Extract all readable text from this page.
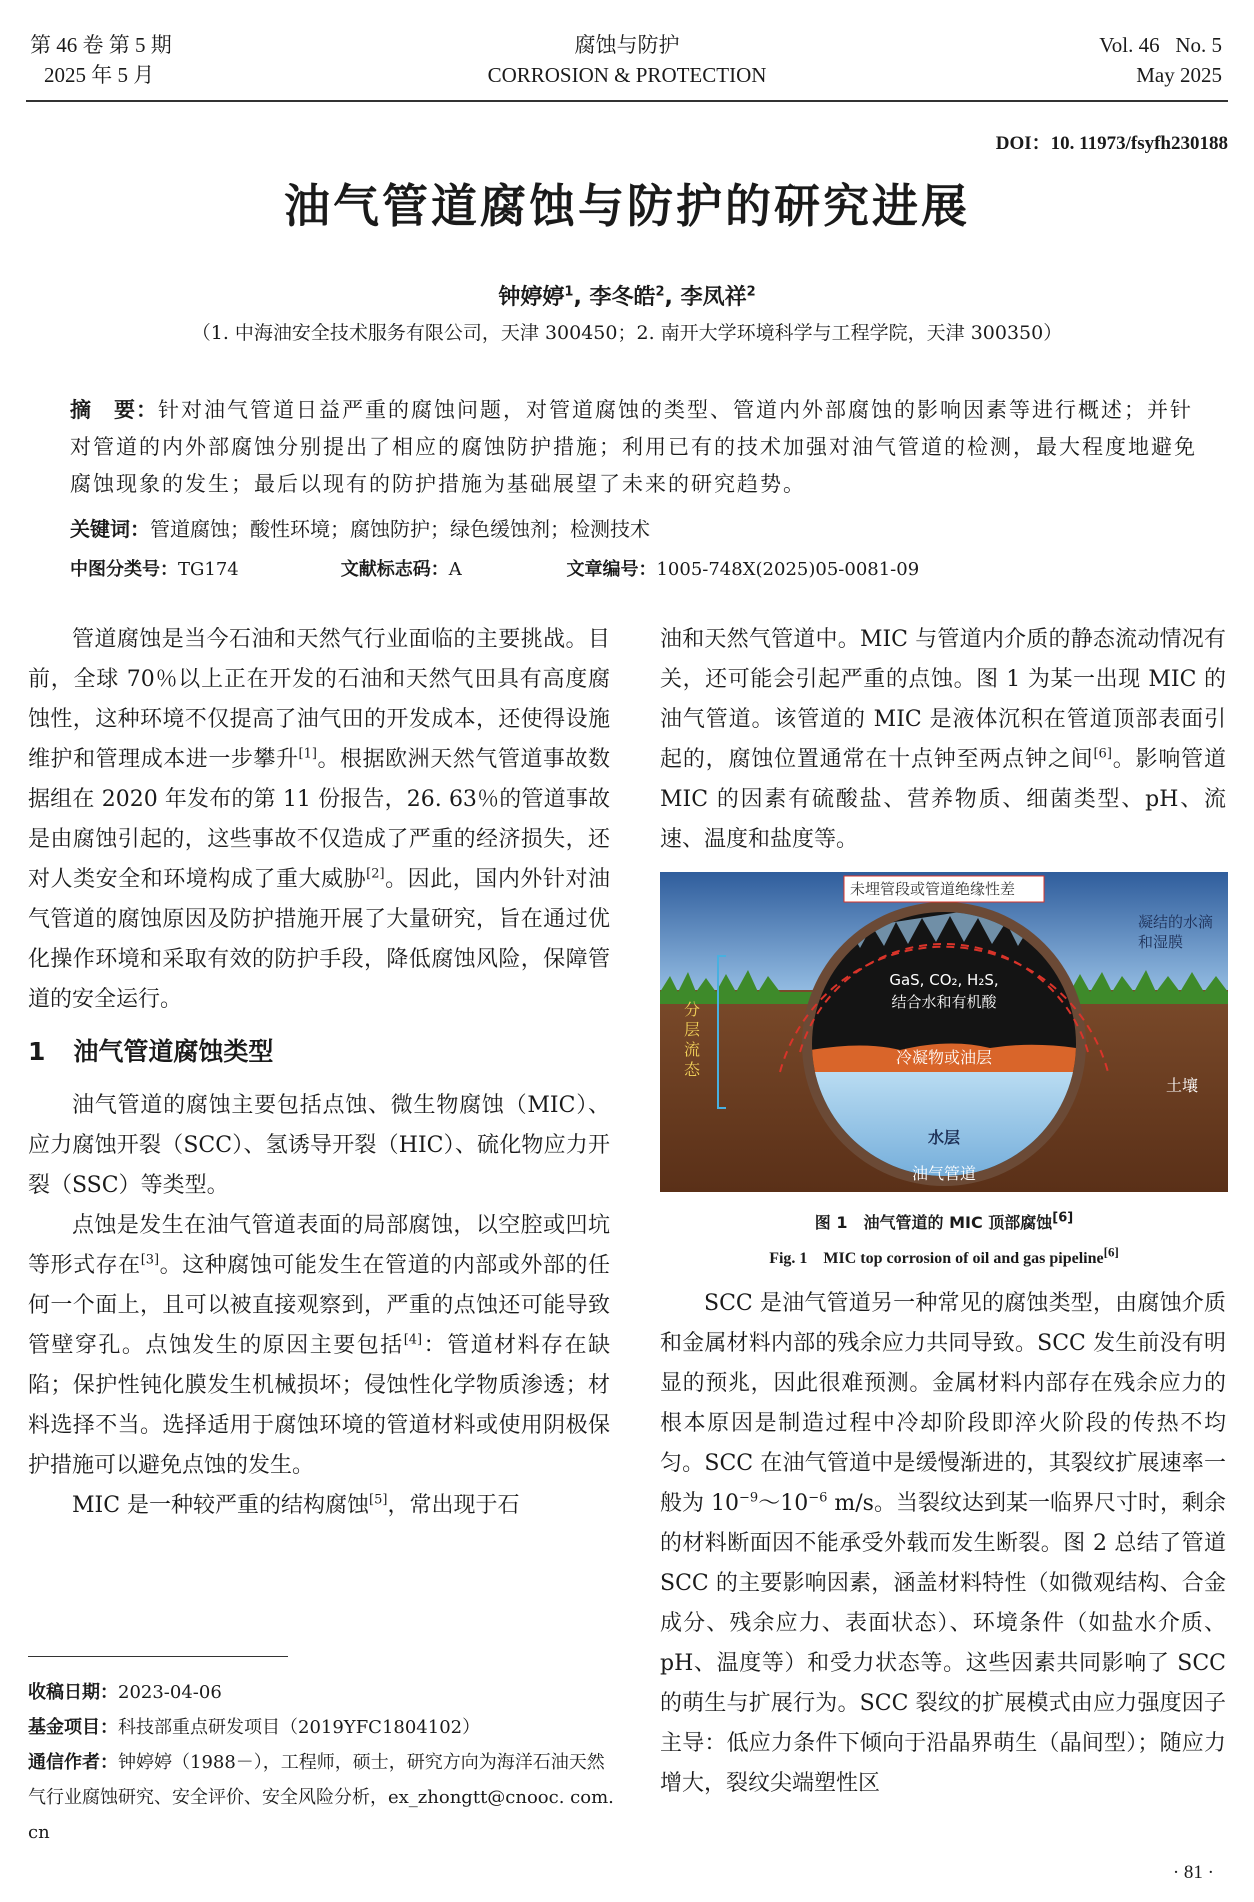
第 46 卷 第 5 期
2025 年 5 月
腐蚀与防护
CORROSION & PROTECTION
Vol. 46   No. 5
May 2025
DOI：10. 11973/fsyfh230188
油气管道腐蚀与防护的研究进展
钟婷婷$^1$, 李冬皓$^2$, 李凤祥$^2$
（1. 中海油安全技术服务有限公司，天津 300450；2. 南开大学环境科学与工程学院，天津 300350）
摘　要：针对油气管道日益严重的腐蚀问题，对管道腐蚀的类型、管道内外部腐蚀的影响因素等进行概述；并针对管道的内外部腐蚀分别提出了相应的腐蚀防护措施；利用已有的技术加强对油气管道的检测，最大程度地避免腐蚀现象的发生；最后以现有的防护措施为基础展望了未来的研究趋势。
关键词：管道腐蚀；酸性环境；腐蚀防护；绿色缓蚀剂；检测技术
中图分类号：TG174	文献标志码：A	文章编号：1005-748X(2025)05-0081-09

管道腐蚀是当今石油和天然气行业面临的主要挑战。目前，全球 70％以上正在开发的石油和天然气田具有高度腐蚀性，这种环境不仅提高了油气田的开发成本，还使得设施维护和管理成本进一步攀升[1]。根据欧洲天然气管道事故数据组在 2020 年发布的第 11 份报告，26. 63％的管道事故是由腐蚀引起的，这些事故不仅造成了严重的经济损失，还对人类安全和环境构成了重大威胁[2]。因此，国内外针对油气管道的腐蚀原因及防护措施开展了大量研究，旨在通过优化操作环境和采取有效的防护手段，降低腐蚀风险，保障管道的安全运行。

1 油气管道腐蚀类型

油气管道的腐蚀主要包括点蚀、微生物腐蚀（MIC）、应力腐蚀开裂（SCC）、氢诱导开裂（HIC）、硫化物应力开裂（SSC）等类型。

点蚀是发生在油气管道表面的局部腐蚀，以空腔或凹坑等形式存在[3]。这种腐蚀可能发生在管道的内部或外部的任何一个面上，且可以被直接观察到，严重的点蚀还可能导致管壁穿孔。点蚀发生的原因主要包括[4]：管道材料存在缺陷；保护性钝化膜发生机械损坏；侵蚀性化学物质渗透；材料选择不当。选择适用于腐蚀环境的管道材料或使用阴极保护措施可以避免点蚀的发生。

MIC 是一种较严重的结构腐蚀[5]，常出现于石

收稿日期：2023-04-06
基金项目：科技部重点研发项目（2019YFC1804102）
通信作者：钟婷婷（1988－），工程师，硕士，研究方向为海洋石油天然气行业腐蚀研究、安全评价、安全风险分析，ex_zhongtt@cnooc. com. cn

油和天然气管道中。MIC 与管道内介质的静态流动情况有关，还可能会引起严重的点蚀。图 1 为某一出现 MIC 的油气管道。该管道的 MIC 是液体沉积在管道顶部表面引起的，腐蚀位置通常在十点钟至两点钟之间[6]。影响管道 MIC 的因素有硫酸盐、营养物质、细菌类型、pH、流速、温度和盐度等。

未埋管段或管道绝缘性差
凝结的水滴和湿膜
GaS, CO₂, H₂S,
结合水和有机酸
冷凝物或油层
水层
油气管道
土壤
分层流态
图 1　油气管道的 MIC 顶部腐蚀[6]
Fig. 1　MIC top corrosion of oil and gas pipeline[6]

SCC 是油气管道另一种常见的腐蚀类型，由腐蚀介质和金属材料内部的残余应力共同导致。SCC 发生前没有明显的预兆，因此很难预测。金属材料内部存在残余应力的根本原因是制造过程中冷却阶段即淬火阶段的传热不均匀。SCC 在油气管道中是缓慢渐进的，其裂纹扩展速率一般为 10$^{-9}$～10$^{-6}$ m/s。当裂纹达到某一临界尺寸时，剩余的材料断面因不能承受外载而发生断裂。图 2 总结了管道 SCC 的主要影响因素，涵盖材料特性（如微观结构、合金成分、残余应力、表面状态）、环境条件（如盐水介质、pH、温度等）和受力状态等。这些因素共同影响了 SCC 的萌生与扩展行为。SCC 裂纹的扩展模式由应力强度因子主导：低应力条件下倾向于沿晶界萌生（晶间型）；随应力增大，裂纹尖端塑性区

· 81 ·
